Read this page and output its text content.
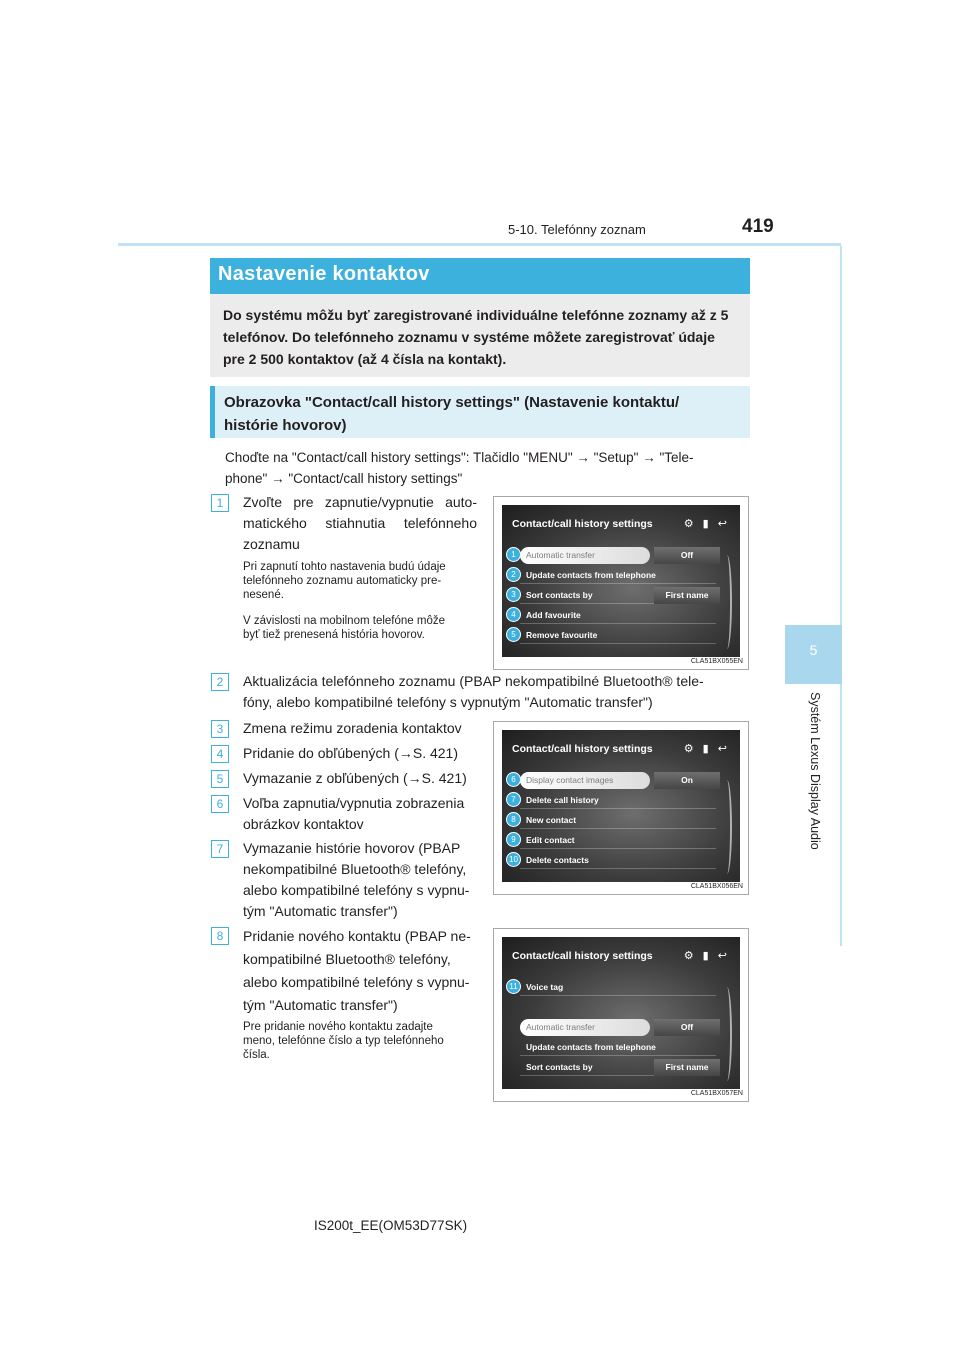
5-10. Telefónny zoznam	419
5
Systém Lexus Display Audio
Nastavenie kontaktov
Do systému môžu byť zaregistrované individuálne telefónne zoznamy až z 5
telefónov. Do telefónneho zoznamu v systéme môžete zaregistrovať údaje
pre 2 500 kontaktov (až 4 čísla na kontakt).
Obrazovka "Contact/call history settings" (Nastavenie kontaktu/
histórie hovorov)
Choďte na "Contact/call history settings": Tlačidlo "MENU" → "Setup" → "Tele-
phone" → "Contact/call history settings"
1	Zvoľte pre zapnutie/vypnutie auto-
matického stiahnutia telefónneho
zoznamu
Pri zapnutí tohto nastavenia budú údaje
telefónneho zoznamu automaticky pre-
nesené.
V závislosti na mobilnom telefóne môže
byť tiež prenesená história hovorov.
2	Aktualizácia telefónneho zoznamu (PBAP nekompatibilné Bluetooth® tele-
fóny, alebo kompatibilné telefóny s vypnutým "Automatic transfer")
3	Zmena režimu zoradenia kontaktov
4	Pridanie do obľúbených (→S. 421)
5	Vymazanie z obľúbených (→S. 421)
6	Voľba zapnutia/vypnutia zobrazenia
obrázkov kontaktov
7	Vymazanie histórie hovorov (PBAP
nekompatibilné Bluetooth® telefóny,
alebo kompatibilné telefóny s vypnu-
tým "Automatic transfer")
8	Pridanie nového kontaktu (PBAP ne-
kompatibilné Bluetooth® telefóny,
alebo kompatibilné telefóny s vypnu-
tým "Automatic transfer")
Pre pridanie nového kontaktu zadajte
meno, telefónne číslo a typ telefónneho
čísla.
Contact/call history settings	⚙ ▮ ↩
1	Automatic transfer	Off
2	Update contacts from telephone
3	Sort contacts by	First name
4	Add favourite
5	Remove favourite
CLA51BX055EN
Contact/call history settings	⚙ ▮ ↩
6	Display contact images	On
7	Delete call history
8	New contact
9	Edit contact
10 Delete contacts
CLA51BX056EN
Contact/call history settings	⚙ ▮ ↩
11 Voice tag
Automatic transfer	Off
Update contacts from telephone
Sort contacts by	First name
CLA51BX057EN
IS200t_EE(OM53D77SK)
